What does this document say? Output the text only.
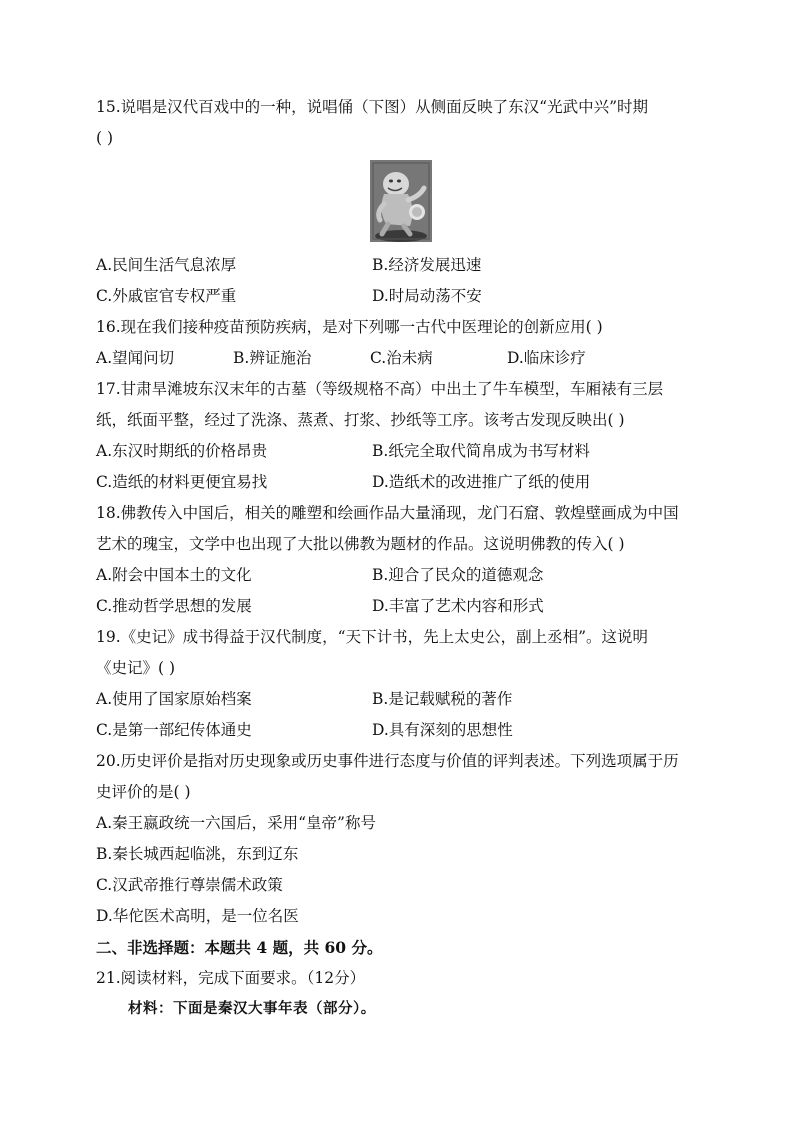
15.说唱是汉代百戏中的一种，说唱俑（下图）从侧面反映了东汉“光武中兴”时期
( )
A.民间生活气息浓厚	B.经济发展迅速
C.外戚宦官专权严重	D.时局动荡不安
16.现在我们接种疫苗预防疾病，是对下列哪一古代中医理论的创新应用( )
A.望闻问切	B.辨证施治	C.治未病	D.临床诊疗
17.甘肃旱滩坡东汉末年的古墓（等级规格不高）中出土了牛车模型，车厢裱有三层
纸，纸面平整，经过了洗涤、蒸煮、打浆、抄纸等工序。该考古发现反映出( )
A.东汉时期纸的价格昂贵	B.纸完全取代简帛成为书写材料
C.造纸的材料更便宜易找	D.造纸术的改进推广了纸的使用
18.佛教传入中国后，相关的雕塑和绘画作品大量涌现，龙门石窟、敦煌壁画成为中国
艺术的瑰宝，文学中也出现了大批以佛教为题材的作品。这说明佛教的传入( )
A.附会中国本土的文化	B.迎合了民众的道德观念
C.推动哲学思想的发展	D.丰富了艺术内容和形式
19.《史记》成书得益于汉代制度，“天下计书，先上太史公，副上丞相”。这说明
《史记》( )
A.使用了国家原始档案	B.是记载赋税的著作
C.是第一部纪传体通史	D.具有深刻的思想性
20.历史评价是指对历史现象或历史事件进行态度与价值的评判表述。下列选项属于历
史评价的是( )
A.秦王嬴政统一六国后，采用“皇帝”称号
B.秦长城西起临洮，东到辽东
C.汉武帝推行尊崇儒术政策
D.华佗医术高明，是一位名医
二、非选择题：本题共 4 题，共 60 分。
21.阅读材料，完成下面要求。（12分）
材料：下面是秦汉大事年表（部分）。
